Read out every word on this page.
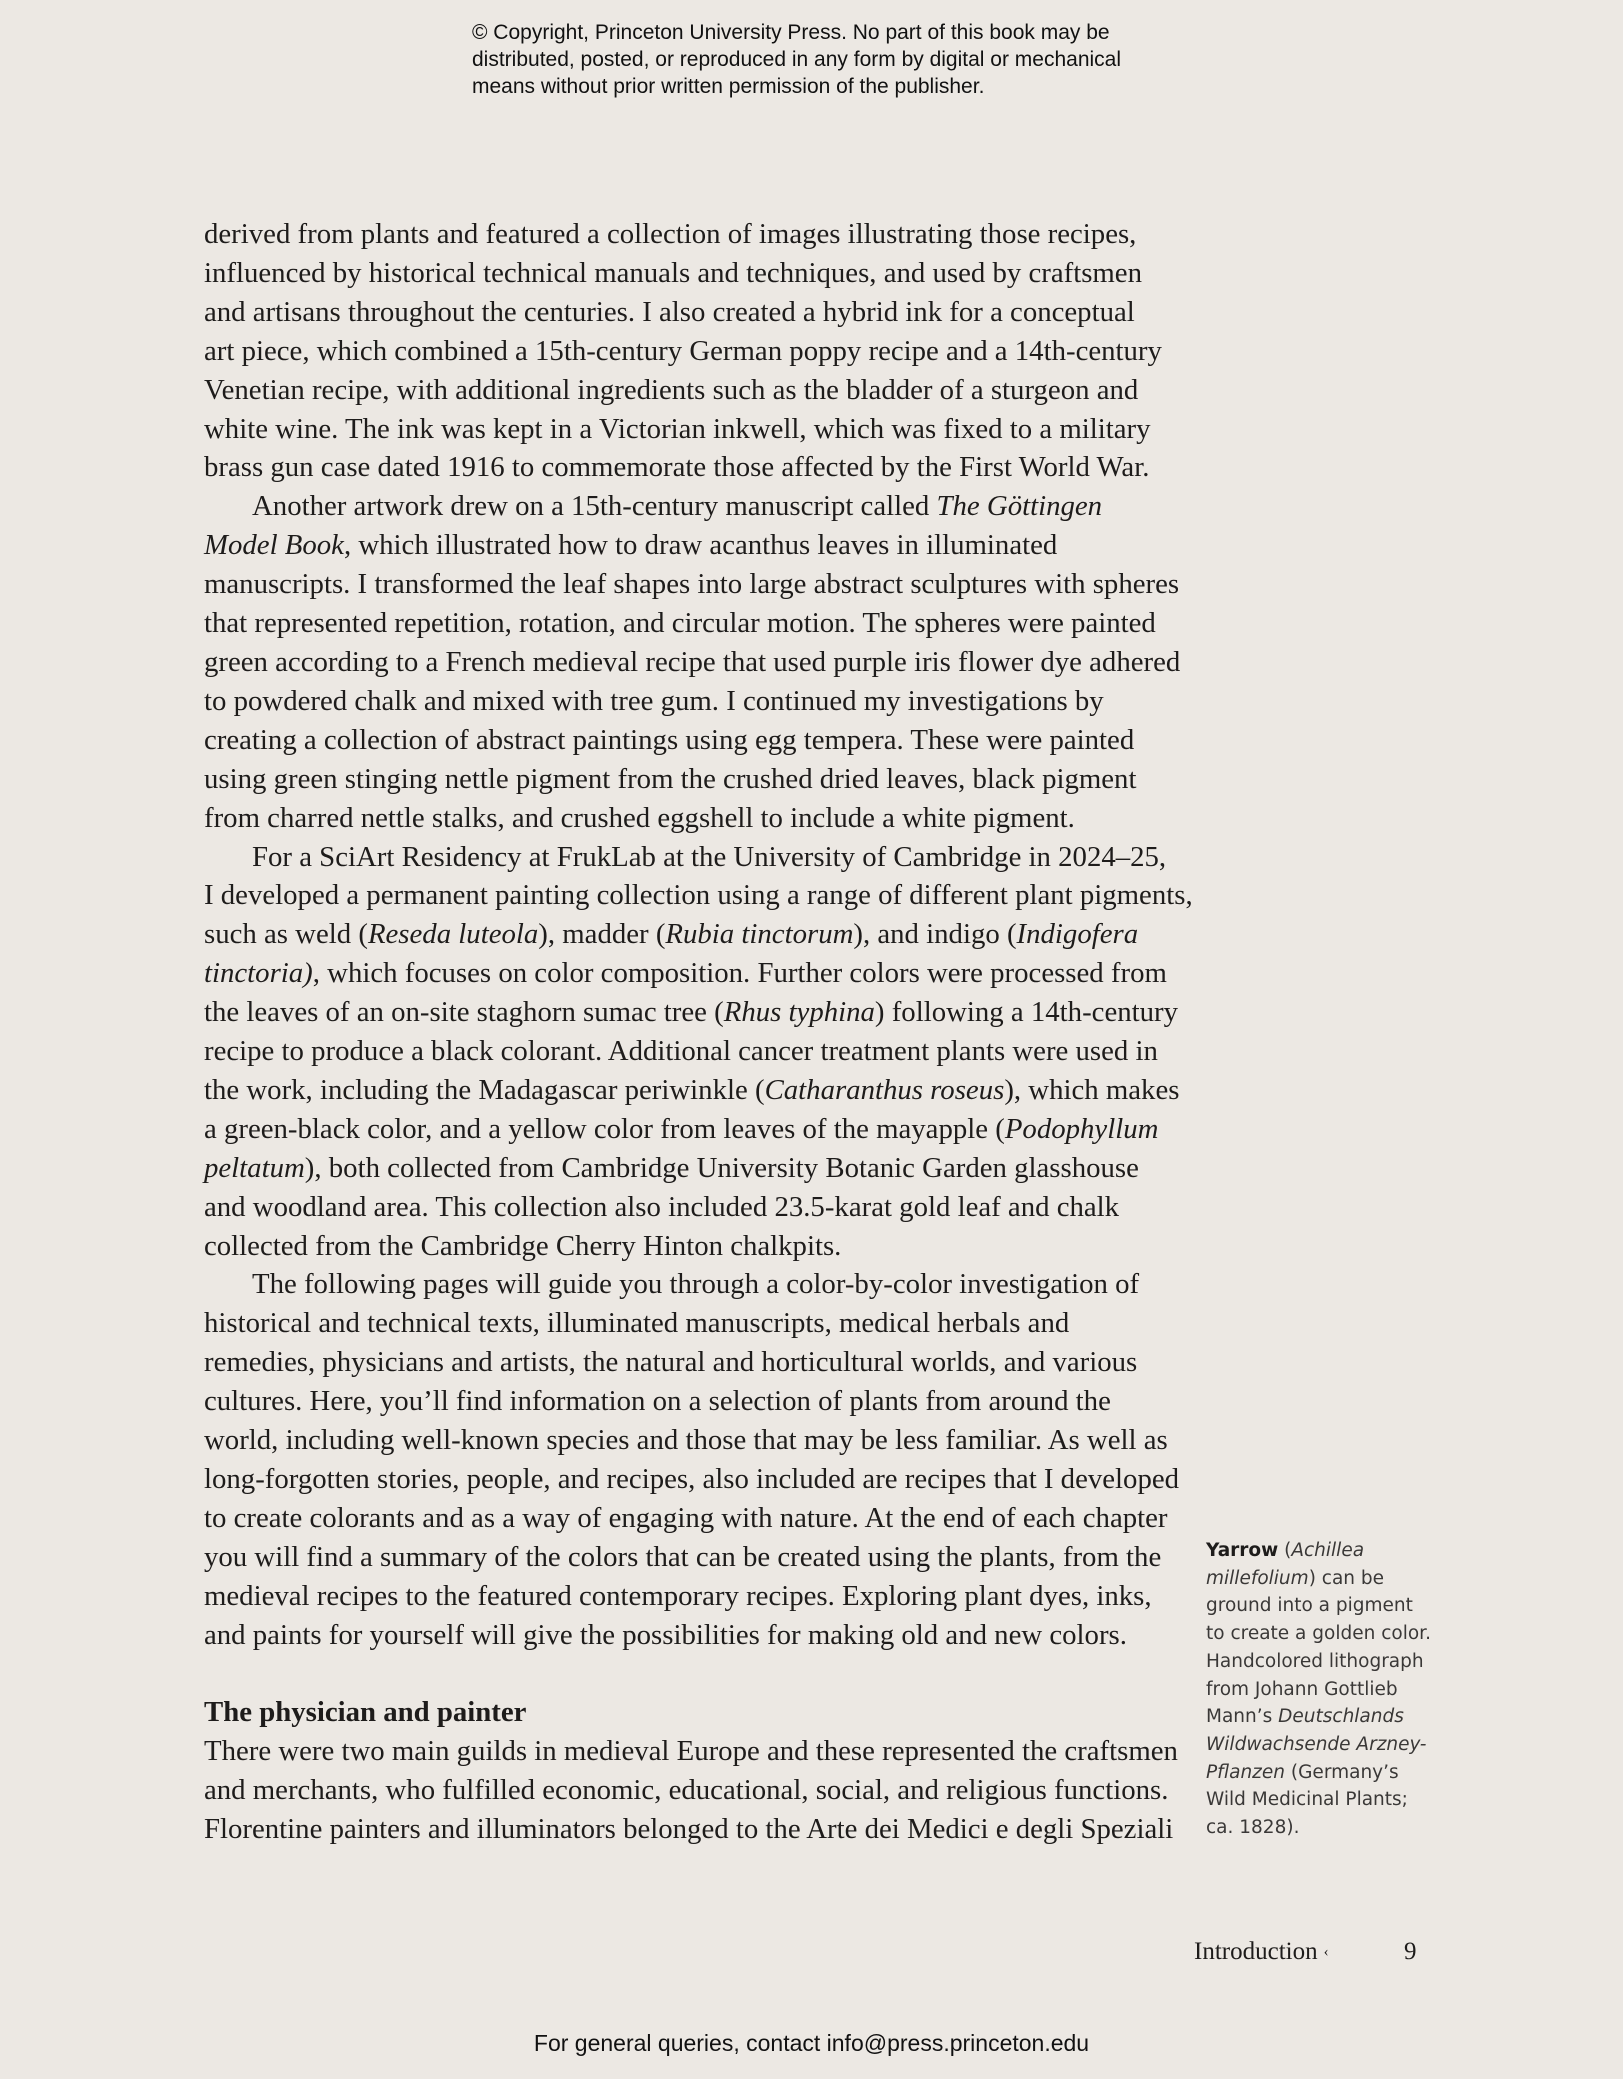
© Copyright, Princeton University Press. No part of this book may be
distributed, posted, or reproduced in any form by digital or mechanical
means without prior written permission of the publisher.
derived from plants and featured a collection of images illustrating those recipes,
influenced by historical technical manuals and techniques, and used by craftsmen
and artisans throughout the centuries. I also created a hybrid ink for a conceptual
art piece, which combined a 15th-century German poppy recipe and a 14th-century
Venetian recipe, with additional ingredients such as the bladder of a sturgeon and
white wine. The ink was kept in a Victorian inkwell, which was fixed to a military
brass gun case dated 1916 to commemorate those affected by the First World War.
Another artwork drew on a 15th-century manuscript called The Göttingen
Model Book, which illustrated how to draw acanthus leaves in illuminated
manuscripts. I transformed the leaf shapes into large abstract sculptures with spheres
that represented repetition, rotation, and circular motion. The spheres were painted
green according to a French medieval recipe that used purple iris flower dye adhered
to powdered chalk and mixed with tree gum. I continued my investigations by
creating a collection of abstract paintings using egg tempera. These were painted
using green stinging nettle pigment from the crushed dried leaves, black pigment
from charred nettle stalks, and crushed eggshell to include a white pigment.
For a SciArt Residency at FrukLab at the University of Cambridge in 2024–25,
I developed a permanent painting collection using a range of different plant pigments,
such as weld (Reseda luteola), madder (Rubia tinctorum), and indigo (Indigofera
tinctoria), which focuses on color composition. Further colors were processed from
the leaves of an on-site staghorn sumac tree (Rhus typhina) following a 14th-century
recipe to produce a black colorant. Additional cancer treatment plants were used in
the work, including the Madagascar periwinkle (Catharanthus roseus), which makes
a green-black color, and a yellow color from leaves of the mayapple (Podophyllum
peltatum), both collected from Cambridge University Botanic Garden glasshouse
and woodland area. This collection also included 23.5-karat gold leaf and chalk
collected from the Cambridge Cherry Hinton chalkpits.
The following pages will guide you through a color-by-color investigation of
historical and technical texts, illuminated manuscripts, medical herbals and
remedies, physicians and artists, the natural and horticultural worlds, and various
cultures. Here, you’ll find information on a selection of plants from around the
world, including well-known species and those that may be less familiar. As well as
long-forgotten stories, people, and recipes, also included are recipes that I developed
to create colorants and as a way of engaging with nature. At the end of each chapter
you will find a summary of the colors that can be created using the plants, from the
medieval recipes to the featured contemporary recipes. Exploring plant dyes, inks,
and paints for yourself will give the possibilities for making old and new colors.
The physician and painter
There were two main guilds in medieval Europe and these represented the craftsmen
and merchants, who fulfilled economic, educational, social, and religious functions.
Florentine painters and illuminators belonged to the Arte dei Medici e degli Speziali
Yarrow (Achillea
millefolium) can be
ground into a pigment
to create a golden color.
Handcolored lithograph
from Johann Gottlieb
Mann’s Deutschlands
Wildwachsende Arzney-
Pflanzen (Germany’s
Wild Medicinal Plants;
ca. 1828).
Introduction ‹	9
For general queries, contact info@press.princeton.edu
